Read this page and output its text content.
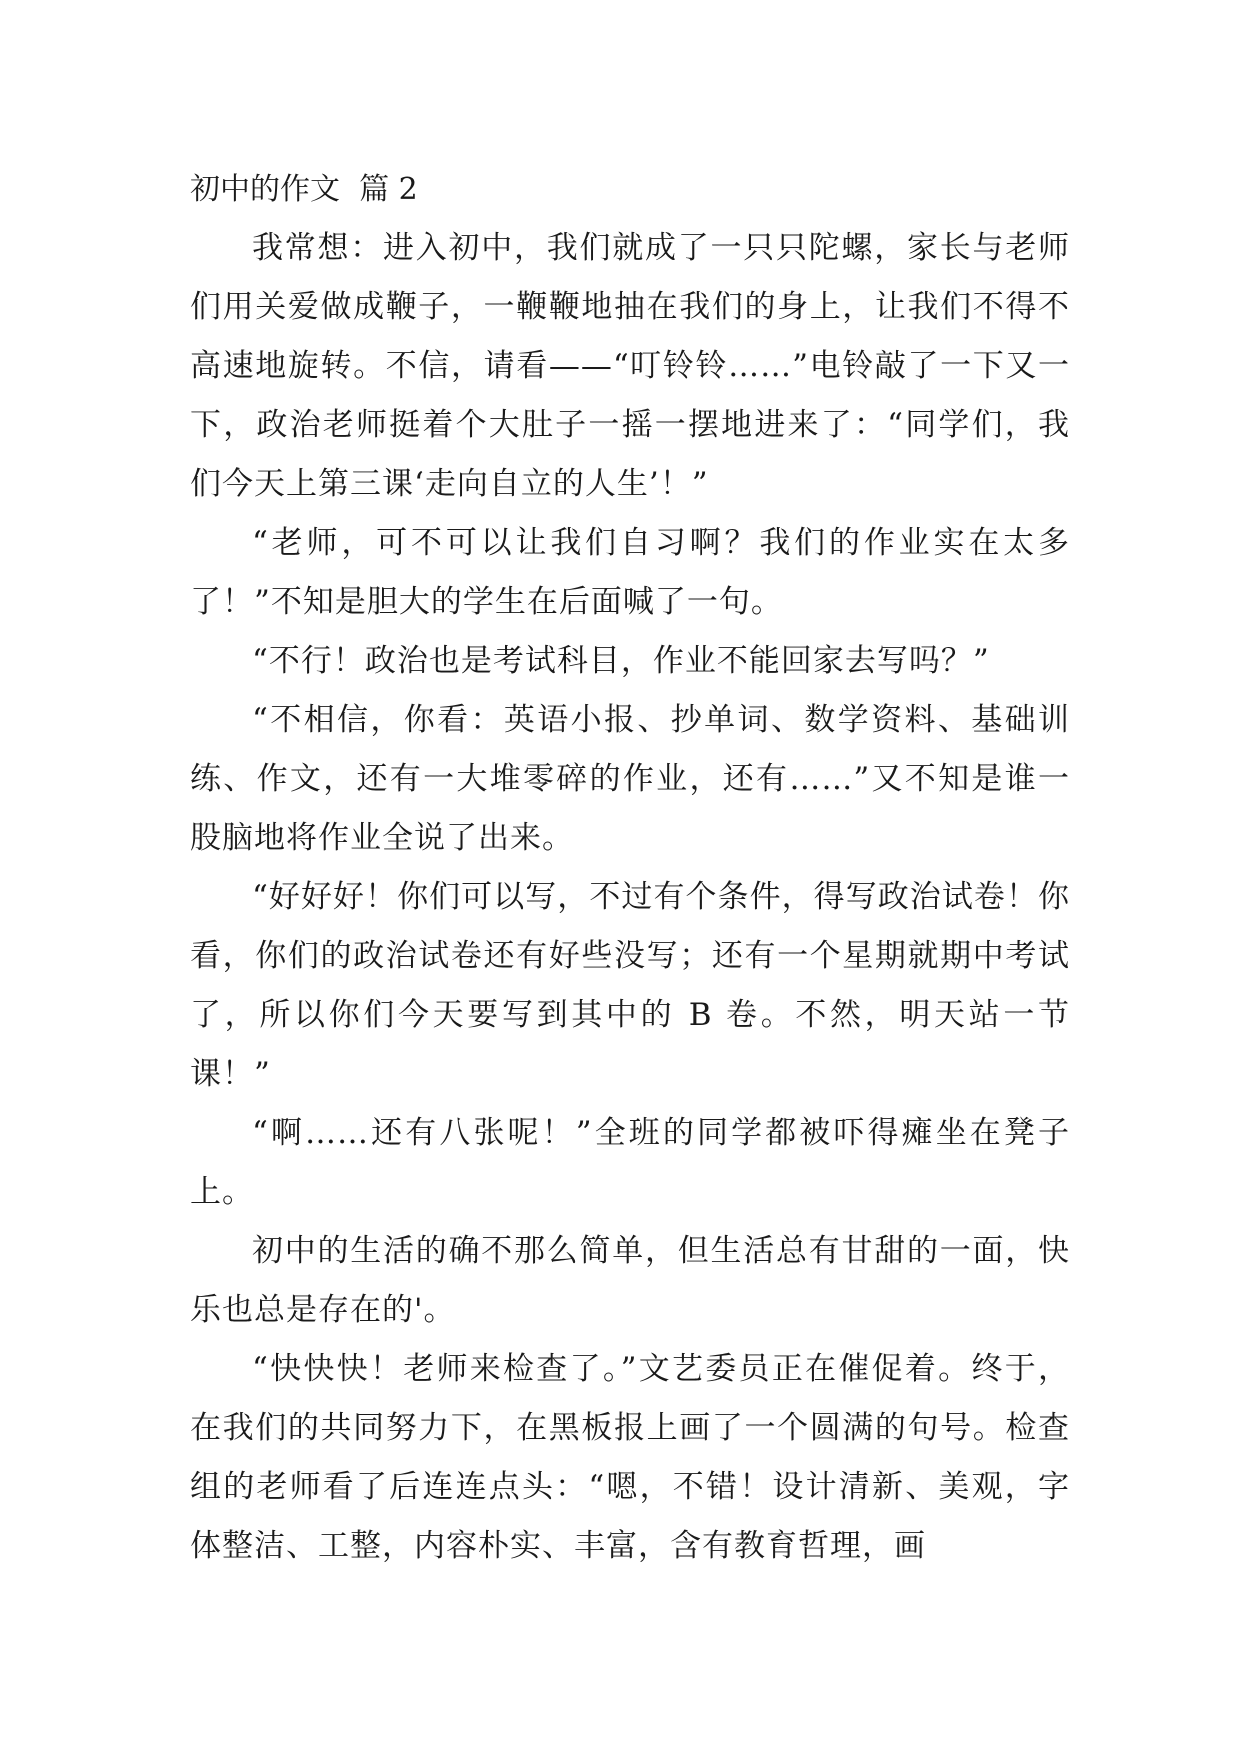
初中的作文  篇 2

我常想：进入初中，我们就成了一只只陀螺，家长与老师们用关爱做成鞭子，一鞭鞭地抽在我们的身上，让我们不得不高速地旋转。不信，请看——“叮铃铃……”电铃敲了一下又一下，政治老师挺着个大肚子一摇一摆地进来了：“同学们，我们今天上第三课‘走向自立的人生’！”

“老师，可不可以让我们自习啊？我们的作业实在太多了！”不知是胆大的学生在后面喊了一句。

“不行！政治也是考试科目，作业不能回家去写吗？”

“不相信，你看：英语小报、抄单词、数学资料、基础训练、作文，还有一大堆零碎的作业，还有……”又不知是谁一股脑地将作业全说了出来。

“好好好！你们可以写，不过有个条件，得写政治试卷！你看，你们的政治试卷还有好些没写；还有一个星期就期中考试了，所以你们今天要写到其中的 B 卷。不然，明天站一节课！”

“啊……还有八张呢！”全班的同学都被吓得瘫坐在凳子上。

初中的生活的确不那么简单，但生活总有甘甜的一面，快乐也总是存在的'。

“快快快！老师来检查了。”文艺委员正在催促着。终于，在我们的共同努力下，在黑板报上画了一个圆满的句号。检查组的老师看了后连连点头：“嗯，不错！设计清新、美观，字体整洁、工整，内容朴实、丰富，含有教育哲理，画
